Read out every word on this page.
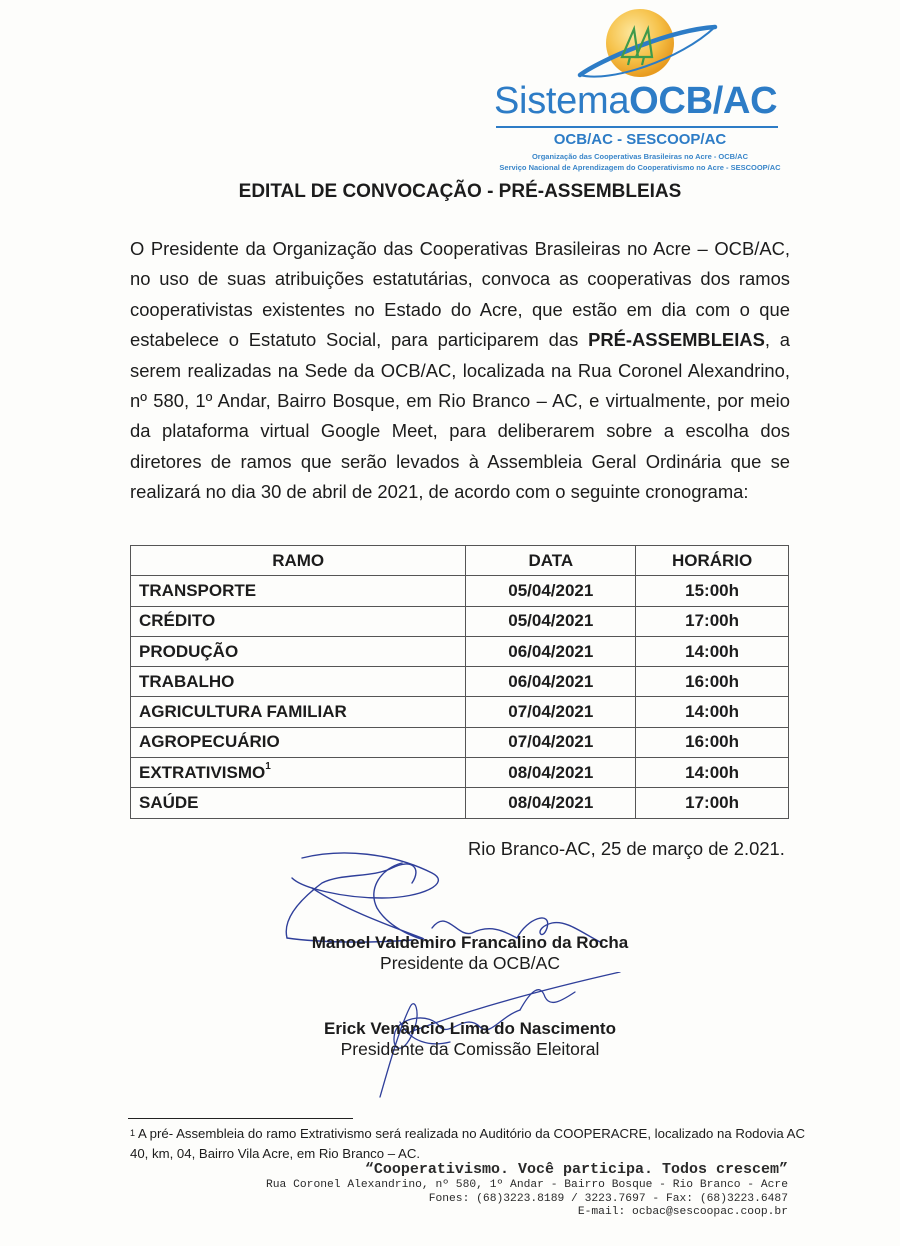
SistemaOCB/AC
OCB/AC - SESCOOP/AC
Organização das Cooperativas Brasileiras no Acre - OCB/AC
Serviço Nacional de Aprendizagem do Cooperativismo no Acre - SESCOOP/AC
EDITAL DE CONVOCAÇÃO - PRÉ-ASSEMBLEIAS

O Presidente da Organização das Cooperativas Brasileiras no Acre – OCB/AC, no uso de suas atribuições estatutárias, convoca as cooperativas dos ramos cooperativistas existentes no Estado do Acre, que estão em dia com o que estabelece o Estatuto Social, para participarem das PRÉ-ASSEMBLEIAS, a serem realizadas na Sede da OCB/AC, localizada na Rua Coronel Alexandrino, nº 580, 1º Andar, Bairro Bosque, em Rio Branco – AC, e virtualmente, por meio da plataforma virtual Google Meet, para deliberarem sobre a escolha dos diretores de ramos que serão levados à Assembleia Geral Ordinária que se realizará no dia 30 de abril de 2021, de acordo com o seguinte cronograma:

RAMO	DATA	HORÁRIO
TRANSPORTE	05/04/2021	15:00h
CRÉDITO	05/04/2021	17:00h
PRODUÇÃO	06/04/2021	14:00h
TRABALHO	06/04/2021	16:00h
AGRICULTURA FAMILIAR	07/04/2021	14:00h
AGROPECUÁRIO	07/04/2021	16:00h
EXTRATIVISMO$^1$	08/04/2021	14:00h
SAÚDE	08/04/2021	17:00h
Rio Branco-AC, 25 de março de 2.021.
Manoel Valdemiro Francalino da Rocha
Presidente da OCB/AC
Erick Venâncio Lima do Nascimento
Presidente da Comissão Eleitoral
$^1$ A pré- Assembleia do ramo Extrativismo será realizada no Auditório da COOPERACRE, localizado na Rodovia AC 40, km, 04, Bairro Vila Acre, em Rio Branco – AC.
“Cooperativismo. Você participa. Todos crescem”
Rua Coronel Alexandrino, nº 580, 1º Andar - Bairro Bosque - Rio Branco - Acre
Fones: (68)3223.8189 / 3223.7697 - Fax: (68)3223.6487
E-mail: ocbac@sescoopac.coop.br
